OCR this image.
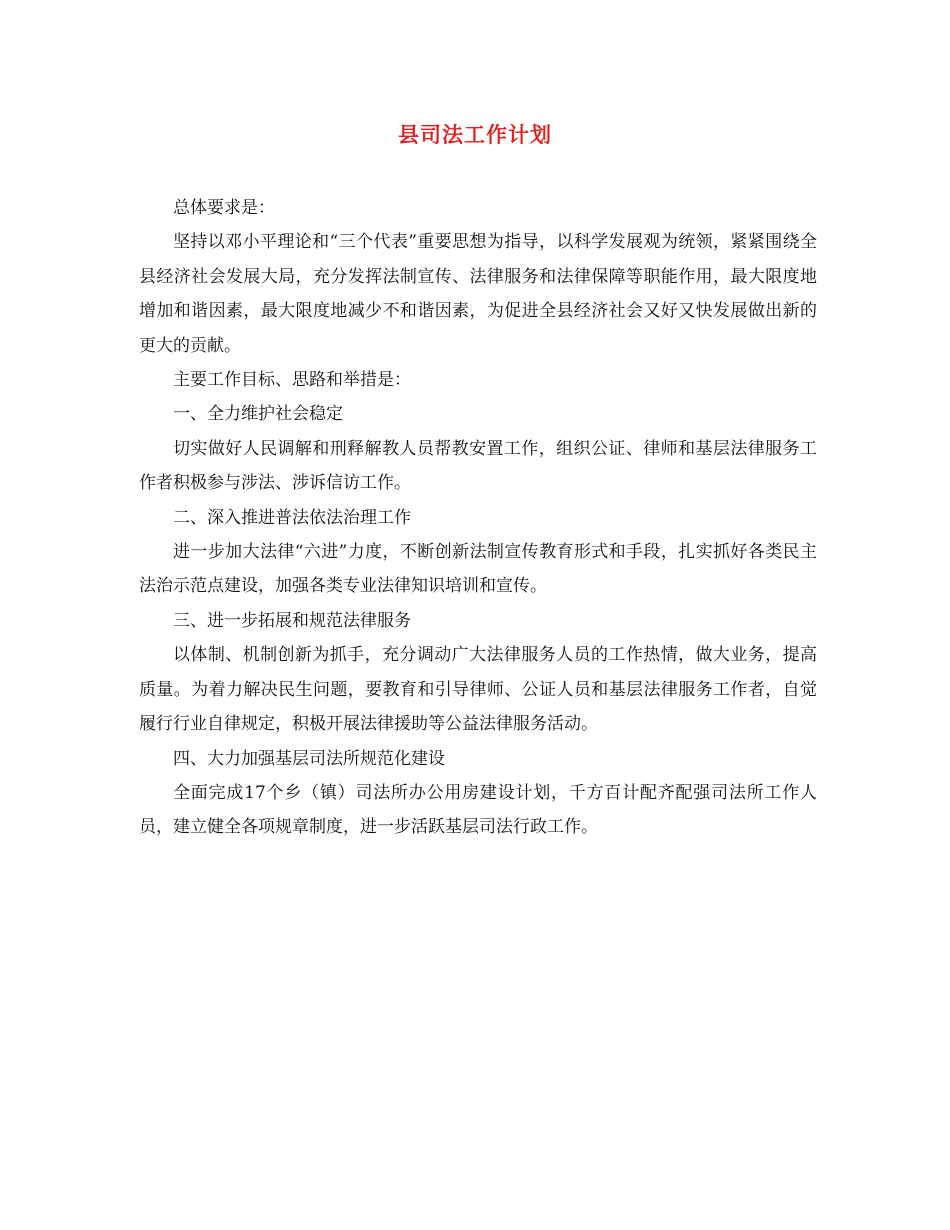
县司法工作计划

总体要求是：

坚持以邓小平理论和“三个代表”重要思想为指导，以科学发展观为统领，紧紧围绕全县经济社会发展大局，充分发挥法制宣传、法律服务和法律保障等职能作用，最大限度地增加和谐因素，最大限度地减少不和谐因素，为促进全县经济社会又好又快发展做出新的更大的贡献。

主要工作目标、思路和举措是：

一、全力维护社会稳定

切实做好人民调解和刑释解教人员帮教安置工作，组织公证、律师和基层法律服务工作者积极参与涉法、涉诉信访工作。

二、深入推进普法依法治理工作

进一步加大法律“六进”力度，不断创新法制宣传教育形式和手段，扎实抓好各类民主法治示范点建设，加强各类专业法律知识培训和宣传。

三、进一步拓展和规范法律服务

以体制、机制创新为抓手，充分调动广大法律服务人员的工作热情，做大业务，提高质量。为着力解决民生问题，要教育和引导律师、公证人员和基层法律服务工作者，自觉履行行业自律规定，积极开展法律援助等公益法律服务活动。

四、大力加强基层司法所规范化建设

全面完成17个乡（镇）司法所办公用房建设计划，千方百计配齐配强司法所工作人员，建立健全各项规章制度，进一步活跃基层司法行政工作。
